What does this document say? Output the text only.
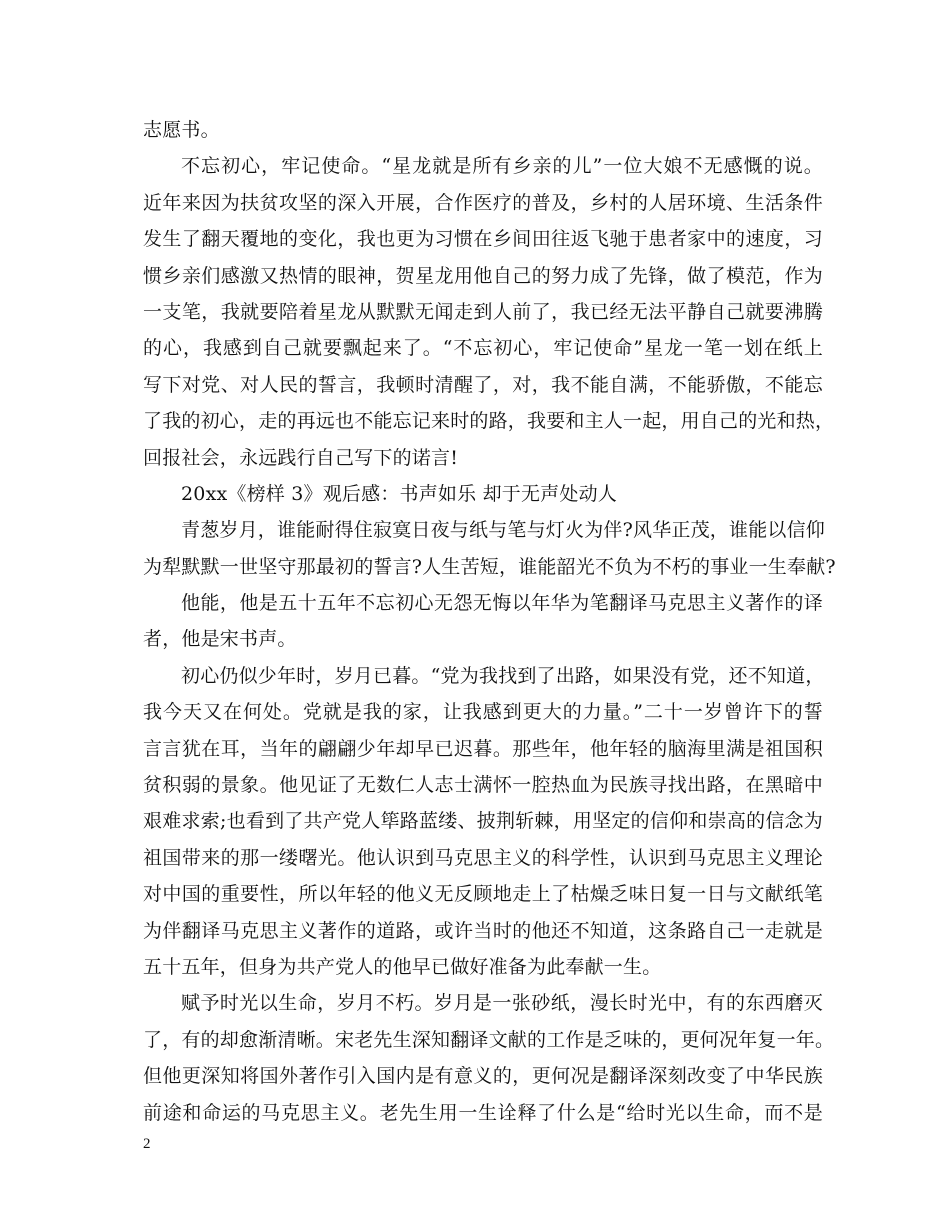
志愿书。
不忘初心，牢记使命。“星龙就是所有乡亲的儿”一位大娘不无感慨的说。
近年来因为扶贫攻坚的深入开展，合作医疗的普及，乡村的人居环境、生活条件
发生了翻天覆地的变化，我也更为习惯在乡间田往返飞驰于患者家中的速度，习
惯乡亲们感激又热情的眼神，贺星龙用他自己的努力成了先锋，做了模范，作为
一支笔，我就要陪着星龙从默默无闻走到人前了，我已经无法平静自己就要沸腾
的心，我感到自己就要飘起来了。“不忘初心，牢记使命”星龙一笔一划在纸上
写下对党、对人民的誓言，我顿时清醒了，对，我不能自满，不能骄傲，不能忘
了我的初心，走的再远也不能忘记来时的路，我要和主人一起，用自己的光和热，
回报社会，永远践行自己写下的诺言!
20xx《榜样 3》观后感：书声如乐 却于无声处动人
青葱岁月，谁能耐得住寂寞日夜与纸与笔与灯火为伴?风华正茂，谁能以信仰
为犁默默一世坚守那最初的誓言?人生苦短，谁能韶光不负为不朽的事业一生奉献?
他能，他是五十五年不忘初心无怨无悔以年华为笔翻译马克思主义著作的译
者，他是宋书声。
初心仍似少年时，岁月已暮。“党为我找到了出路，如果没有党，还不知道，
我今天又在何处。党就是我的家，让我感到更大的力量。”二十一岁曾许下的誓
言言犹在耳，当年的翩翩少年却早已迟暮。那些年，他年轻的脑海里满是祖国积
贫积弱的景象。他见证了无数仁人志士满怀一腔热血为民族寻找出路，在黑暗中
艰难求索;也看到了共产党人筚路蓝缕、披荆斩棘，用坚定的信仰和崇高的信念为
祖国带来的那一缕曙光。他认识到马克思主义的科学性，认识到马克思主义理论
对中国的重要性，所以年轻的他义无反顾地走上了枯燥乏味日复一日与文献纸笔
为伴翻译马克思主义著作的道路，或许当时的他还不知道，这条路自己一走就是
五十五年，但身为共产党人的他早已做好准备为此奉献一生。
赋予时光以生命，岁月不朽。岁月是一张砂纸，漫长时光中，有的东西磨灭
了，有的却愈渐清晰。宋老先生深知翻译文献的工作是乏味的，更何况年复一年。
但他更深知将国外著作引入国内是有意义的，更何况是翻译深刻改变了中华民族
前途和命运的马克思主义。老先生用一生诠释了什么是“给时光以生命，而不是
2
